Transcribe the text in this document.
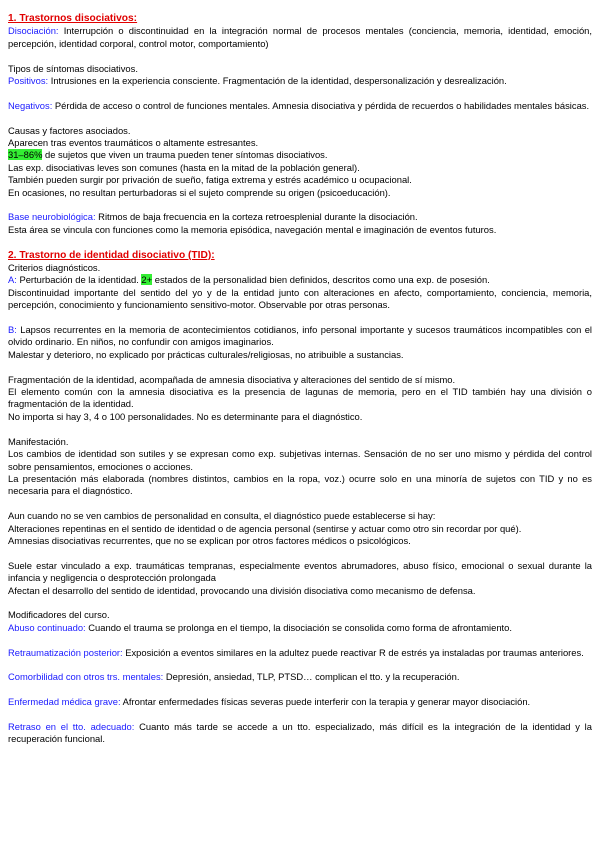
1. Trastornos disociativos:

Disociación: Interrupción o discontinuidad en la integración normal de procesos mentales (conciencia, memoria, identidad, emoción, percepción, identidad corporal, control motor, comportamiento)

Tipos de síntomas disociativos.

Positivos: Intrusiones en la experiencia consciente. Fragmentación de la identidad, despersonalización y desrealización.

Negativos: Pérdida de acceso o control de funciones mentales. Amnesia disociativa y pérdida de recuerdos o habilidades mentales básicas.

Causas y factores asociados.

Aparecen tras eventos traumáticos o altamente estresantes.

31–86% de sujetos que viven un trauma pueden tener síntomas disociativos.

Las exp. disociativas leves son comunes (hasta en la mitad de la población general).

También pueden surgir por privación de sueño, fatiga extrema y estrés académico u ocupacional.

En ocasiones, no resultan perturbadoras si el sujeto comprende su origen (psicoeducación).

Base neurobiológica: Ritmos de baja frecuencia en la corteza retroesplenial durante la disociación.

Esta área se vincula con funciones como la memoria episódica, navegación mental e imaginación de eventos futuros.

2. Trastorno de identidad disociativo (TID):

Criterios diagnósticos.

A: Perturbación de la identidad. 2+ estados de la personalidad bien definidos, descritos como una exp. de posesión.

Discontinuidad importante del sentido del yo y de la entidad junto con alteraciones en afecto, comportamiento, conciencia, memoria, percepción, conocimiento y funcionamiento sensitivo-motor. Observable por otras personas.

B: Lapsos recurrentes en la memoria de acontecimientos cotidianos, info personal importante y sucesos traumáticos incompatibles con el olvido ordinario. En niños, no confundir con amigos imaginarios.

Malestar y deterioro, no explicado por prácticas culturales/religiosas, no atribuible a sustancias.

Fragmentación de la identidad, acompañada de amnesia disociativa y alteraciones del sentido de sí mismo.

El elemento común con la amnesia disociativa es la presencia de lagunas de memoria, pero en el TID también hay una división o fragmentación de la identidad.

No importa si hay 3, 4 o 100 personalidades. No es determinante para el diagnóstico.

Manifestación.

Los cambios de identidad son sutiles y se expresan como exp. subjetivas internas. Sensación de no ser uno mismo y pérdida del control sobre pensamientos, emociones o acciones.

La presentación más elaborada (nombres distintos, cambios en la ropa, voz.) ocurre solo en una minoría de sujetos con TID y no es necesaria para el diagnóstico.

Aun cuando no se ven cambios de personalidad en consulta, el diagnóstico puede establecerse si hay:

Alteraciones repentinas en el sentido de identidad o de agencia personal (sentirse y actuar como otro sin recordar por qué).

Amnesias disociativas recurrentes, que no se explican por otros factores médicos o psicológicos.

Suele estar vinculado a exp. traumáticas tempranas, especialmente eventos abrumadores, abuso físico, emocional o sexual durante la infancia y negligencia o desprotección prolongada

Afectan el desarrollo del sentido de identidad, provocando una división disociativa como mecanismo de defensa.

Modificadores del curso.

Abuso continuado: Cuando el trauma se prolonga en el tiempo, la disociación se consolida como forma de afrontamiento.

Retraumatización posterior: Exposición a eventos similares en la adultez puede reactivar R de estrés ya instaladas por traumas anteriores.

Comorbilidad con otros trs. mentales: Depresión, ansiedad, TLP, PTSD… complican el tto. y la recuperación.

Enfermedad médica grave: Afrontar enfermedades físicas severas puede interferir con la terapia y generar mayor disociación.

Retraso en el tto. adecuado: Cuanto más tarde se accede a un tto. especializado, más difícil es la integración de la identidad y la recuperación funcional.
